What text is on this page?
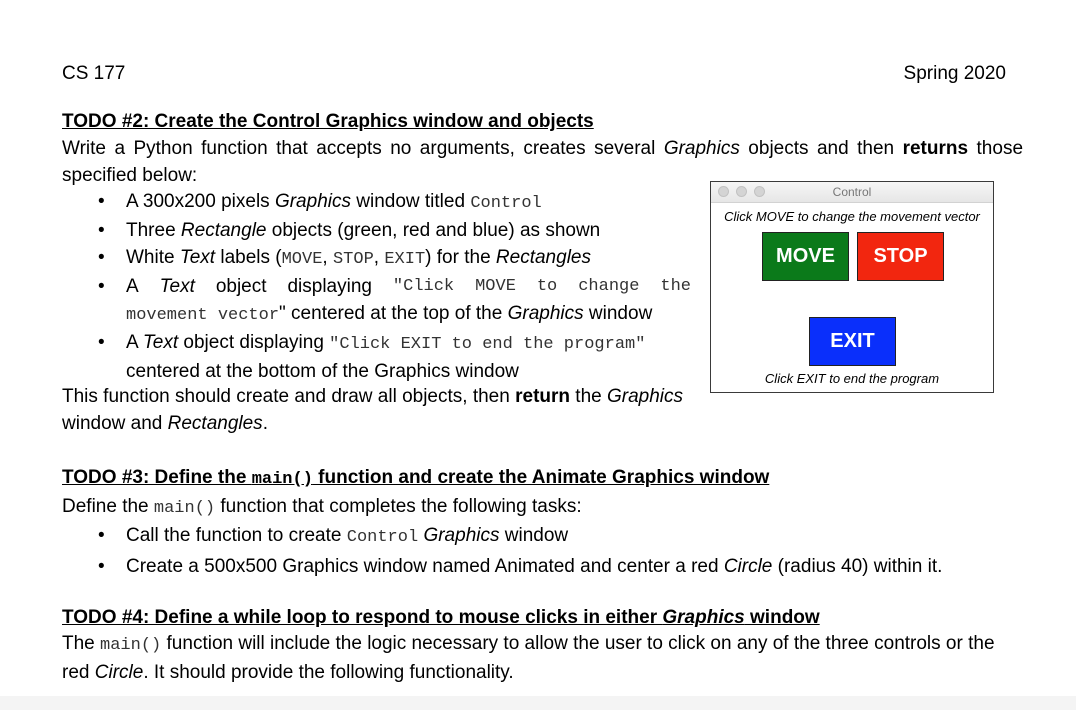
CS 177	Spring 2020
TODO #2: Create the Control Graphics window and objects
Write a Python function that accepts no arguments, creates several Graphics objects and then returns those
specified below:
• A 300x200 pixels Graphics window titled Control
• Three Rectangle objects (green, red and blue) as shown
• White Text labels (MOVE, STOP, EXIT) for the Rectangles
• A Text object displaying "Click MOVE to change the
movement vector" centered at the top of the Graphics window
• A Text object displaying "Click EXIT to end the program"
centered at the bottom of the Graphics window
This function should create and draw all objects, then return the Graphics
window and Rectangles.
Control
Click MOVE to change the movement vector
MOVE	STOP
EXIT
Click EXIT to end the program
TODO #3: Define the main() function and create the Animate Graphics window
Define the main() function that completes the following tasks:
• Call the function to create Control Graphics window
• Create a 500x500 Graphics window named Animated and center a red Circle (radius 40) within it.
TODO #4: Define a while loop to respond to mouse clicks in either Graphics window
The main() function will include the logic necessary to allow the user to click on any of the three controls or the
red Circle. It should provide the following functionality.
